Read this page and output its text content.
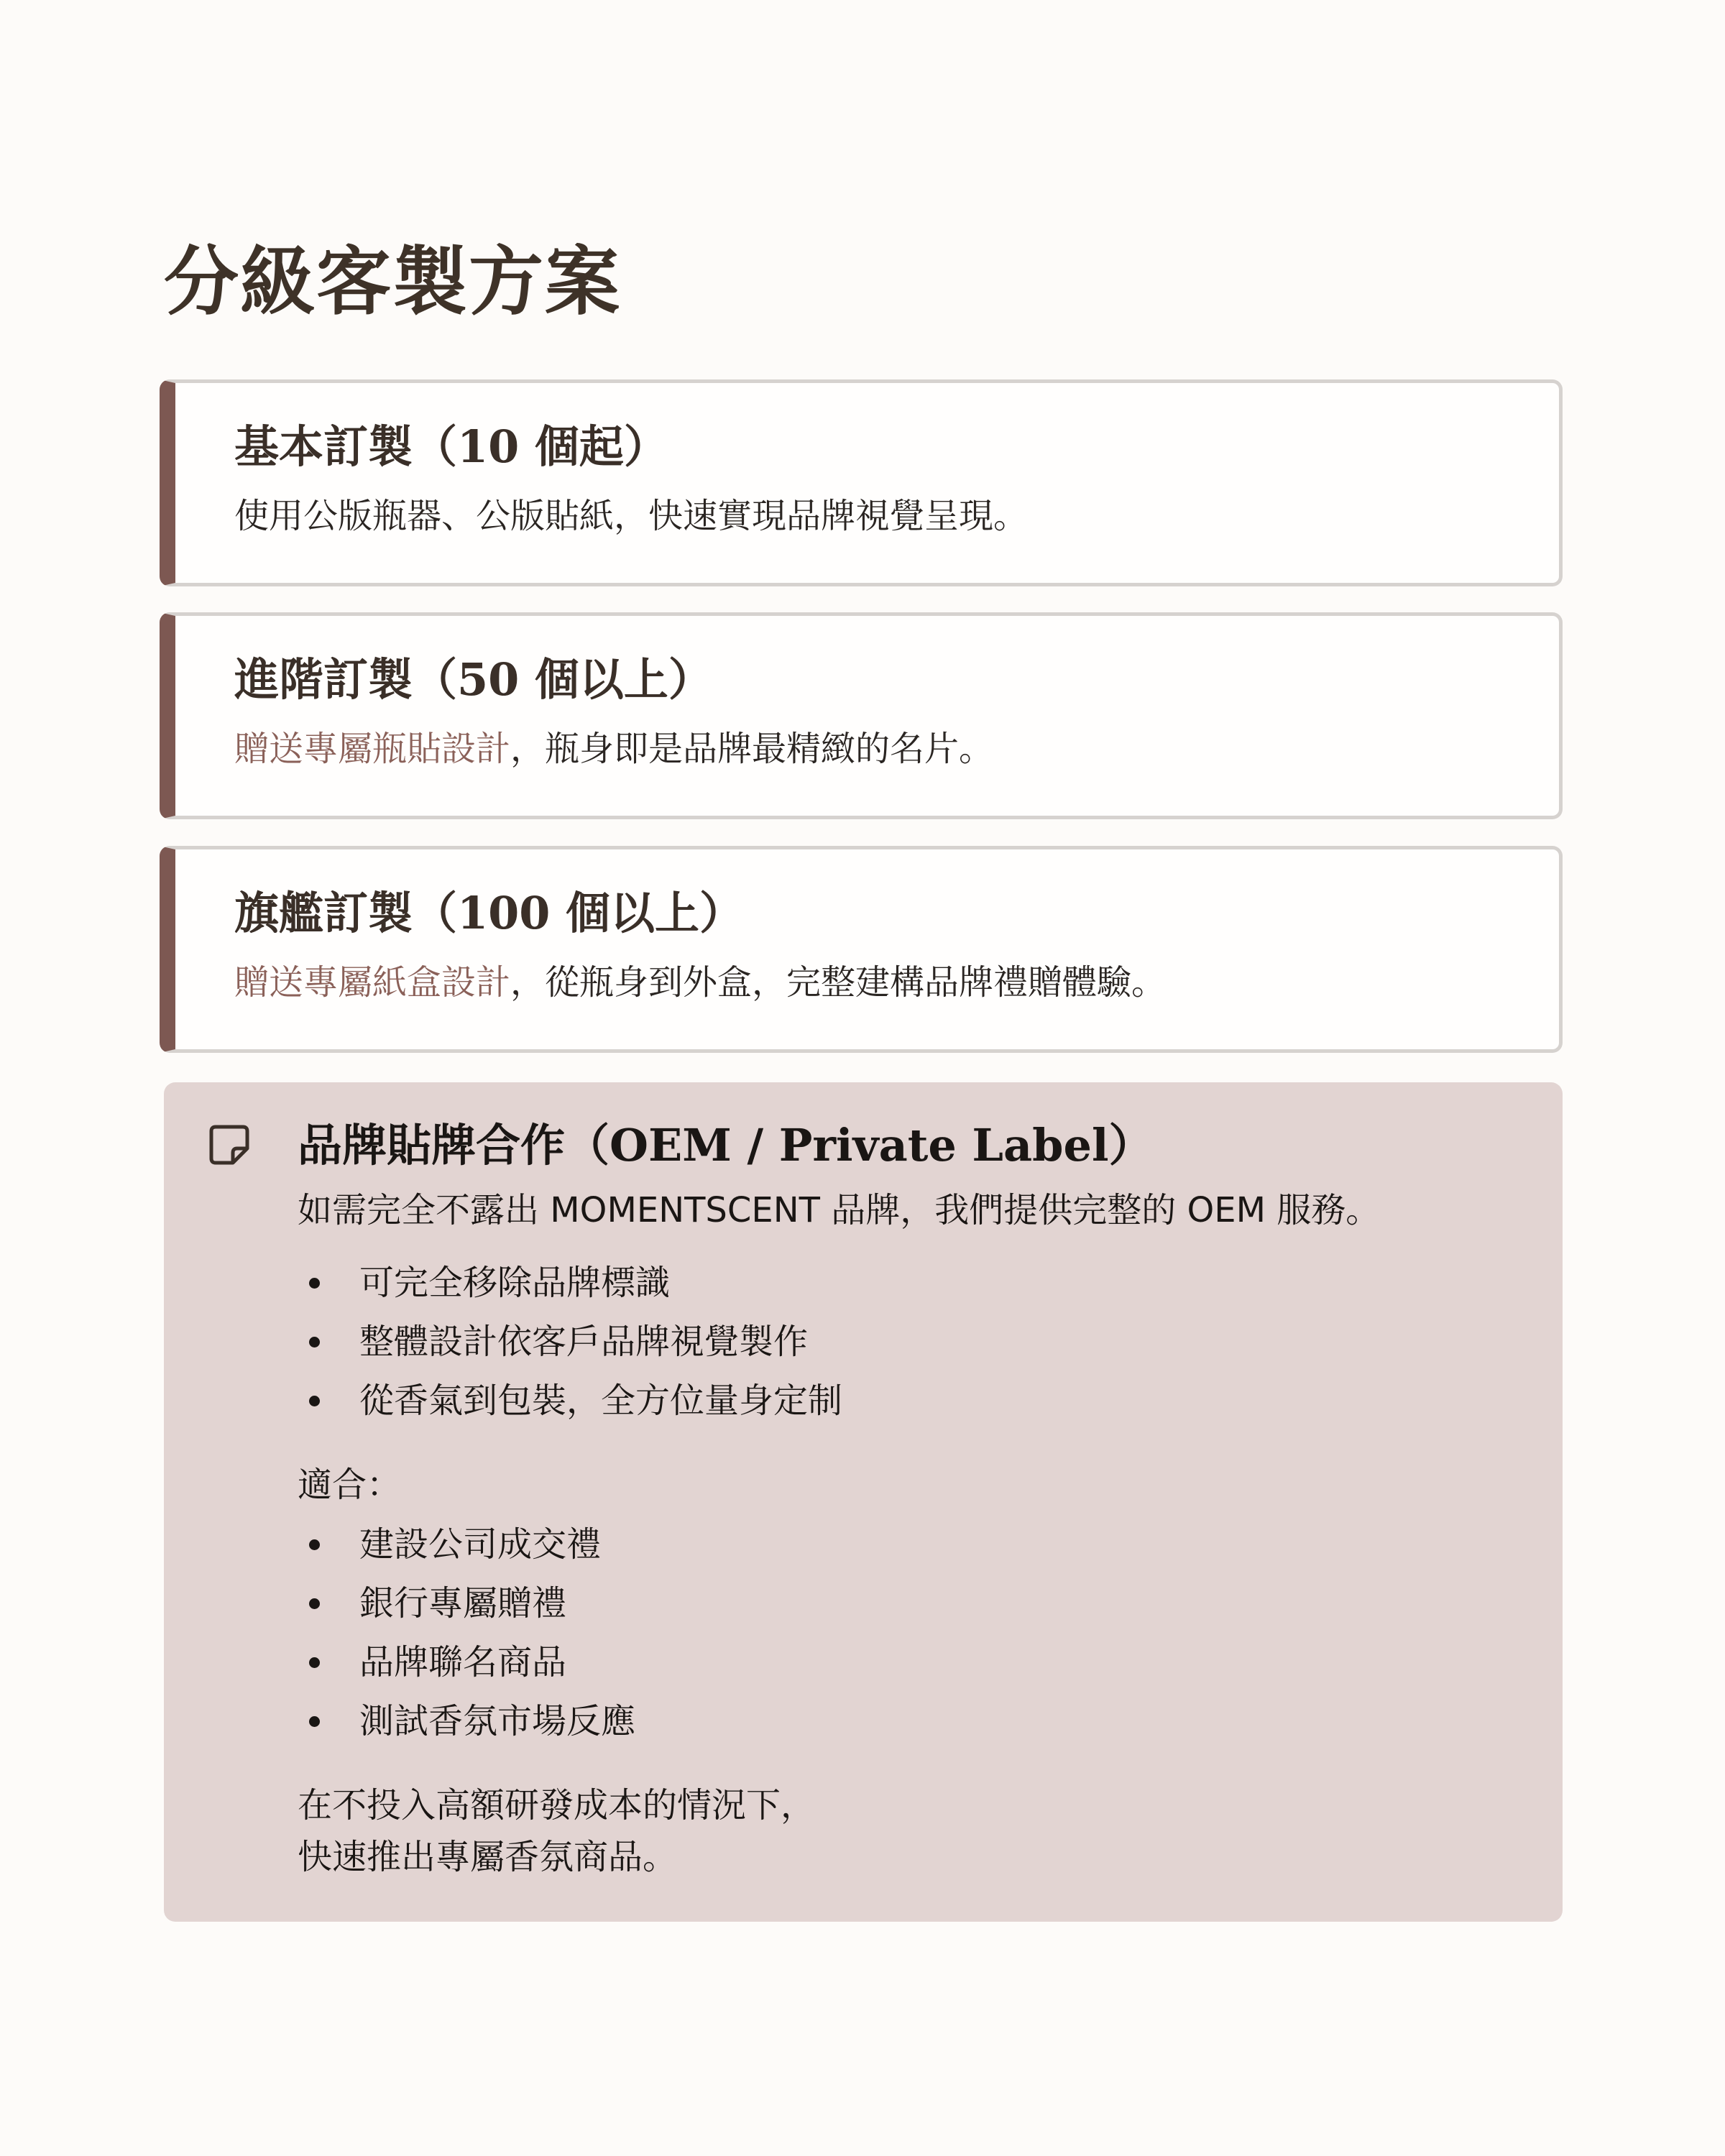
分級客製方案
基本訂製（10 個起）

使用公版瓶器、公版貼紙，快速實現品牌視覺呈現。

進階訂製（50 個以上）

贈送專屬瓶貼設計，瓶身即是品牌最精緻的名片。

旗艦訂製（100 個以上）

贈送專屬紙盒設計，從瓶身到外盒，完整建構品牌禮贈體驗。

品牌貼牌合作（OEM / Private Label）

如需完全不露出 MOMENTSCENT 品牌，我們提供完整的 OEM 服務。

可完全移除品牌標識
整體設計依客戶品牌視覺製作
從香氣到包裝，全方位量身定制

適合：

建設公司成交禮
銀行專屬贈禮
品牌聯名商品
測試香氛市場反應

在不投入高額研發成本的情況下，

快速推出專屬香氛商品。
